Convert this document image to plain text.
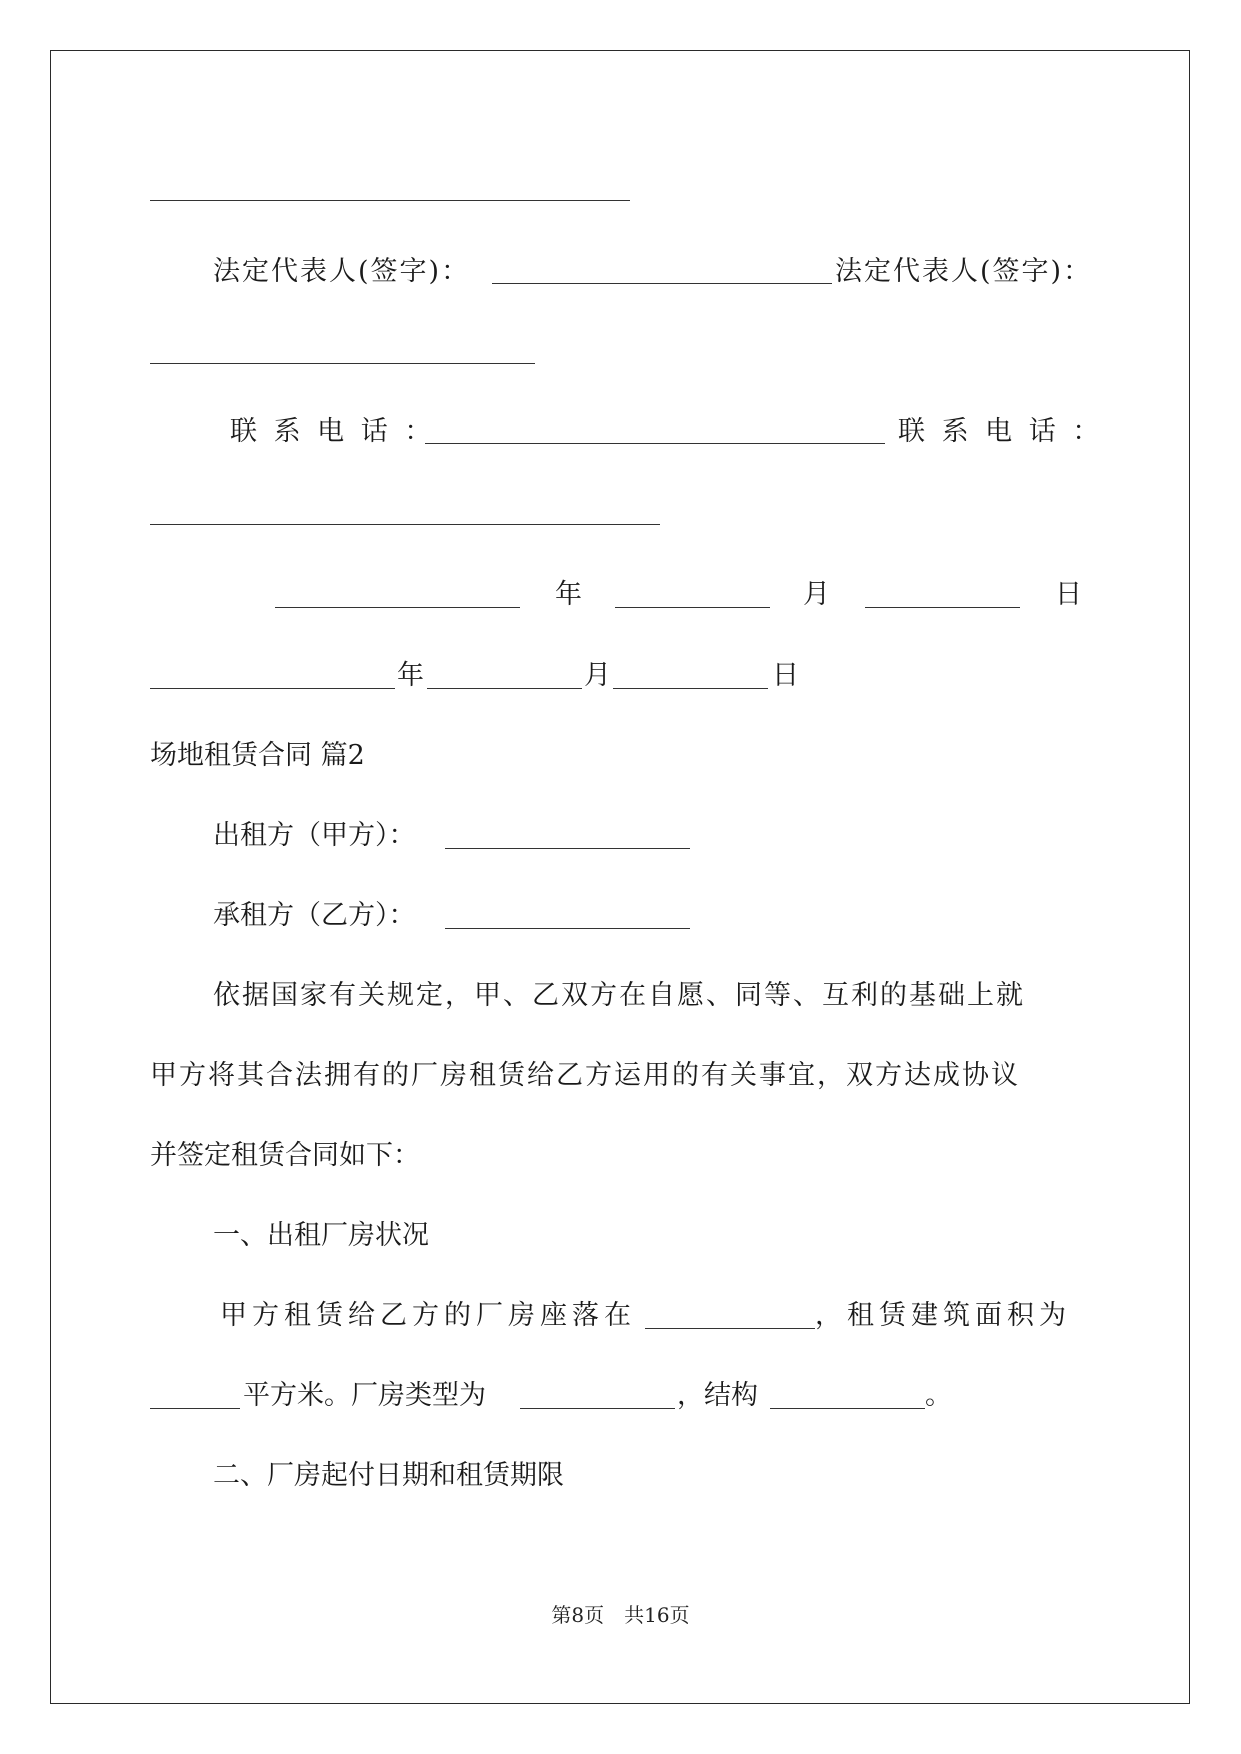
法定代表人(签字)：	法定代表人(签字)：
联 系 电 话 ：	联 系 电 话 ：
年	月	日
年	月	日
场地租赁合同 篇2
出租方（甲方）：
承租方（乙方）：
依据国家有关规定，甲、乙双方在自愿、同等、互利的基础上就
甲方将其合法拥有的厂房租赁给乙方运用的有关事宜，双方达成协议
并签定租赁合同如下：
一、出租厂房状况
甲方租赁给乙方的厂房座落在	，租赁建筑面积为
平方米。厂房类型为	，结构	。
二、厂房起付日期和租赁期限
第8页　共16页
